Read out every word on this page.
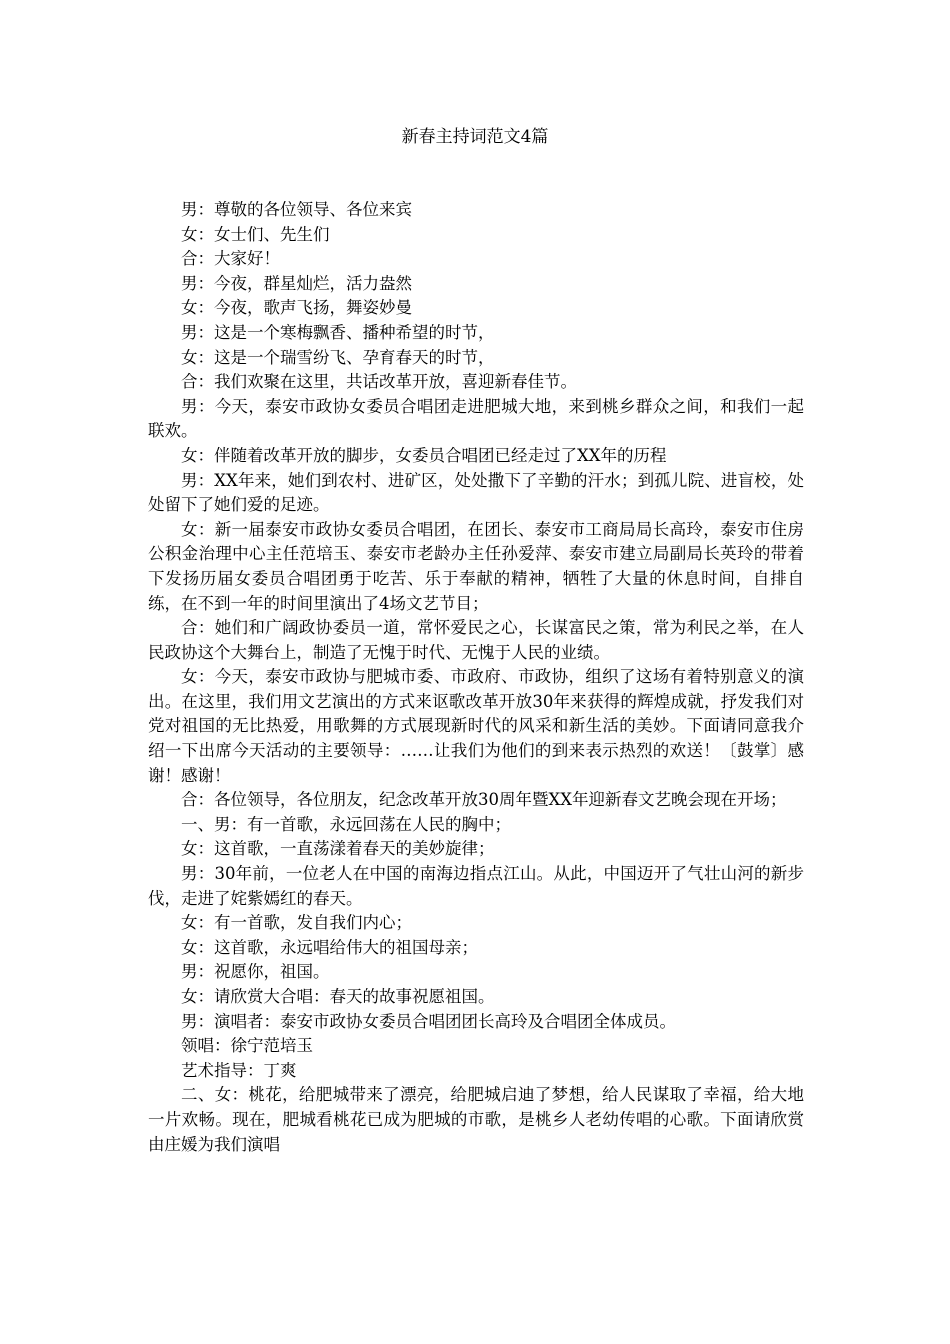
新春主持词范文4篇

男：尊敬的各位领导、各位来宾

女：女士们、先生们

合：大家好！

男：今夜，群星灿烂，活力盎然

女：今夜，歌声飞扬，舞姿妙曼

男：这是一个寒梅飘香、播种希望的时节，

女：这是一个瑞雪纷飞、孕育春天的时节，

合：我们欢聚在这里，共话改革开放，喜迎新春佳节。

男：今天，泰安市政协女委员合唱团走进肥城大地，来到桃乡群众之间，和我们一起联欢。

女：伴随着改革开放的脚步，女委员合唱团已经走过了XX年的历程

男：XX年来，她们到农村、进矿区，处处撒下了辛勤的汗水；到孤儿院、进盲校，处处留下了她们爱的足迹。

女：新一届泰安市政协女委员合唱团，在团长、泰安市工商局局长高玲，泰安市住房公积金治理中心主任范培玉、泰安市老龄办主任孙爱萍、泰安市建立局副局长英玲的带着下发扬历届女委员合唱团勇于吃苦、乐于奉献的精神，牺牲了大量的休息时间，自排自练，在不到一年的时间里演出了4场文艺节目；

合：她们和广阔政协委员一道，常怀爱民之心，长谋富民之策，常为利民之举，在人民政协这个大舞台上，制造了无愧于时代、无愧于人民的业绩。

女：今天，泰安市政协与肥城市委、市政府、市政协，组织了这场有着特别意义的演出。在这里，我们用文艺演出的方式来讴歌改革开放30年来获得的辉煌成就，抒发我们对党对祖国的无比热爱，用歌舞的方式展现新时代的风采和新生活的美妙。下面请同意我介绍一下出席今天活动的主要领导：……让我们为他们的到来表示热烈的欢送！〔鼓掌〕感谢！感谢！

合：各位领导，各位朋友，纪念改革开放30周年暨XX年迎新春文艺晚会现在开场；

一、男：有一首歌，永远回荡在人民的胸中；

女：这首歌，一直荡漾着春天的美妙旋律；

男：30年前，一位老人在中国的南海边指点江山。从此，中国迈开了气壮山河的新步伐，走进了姹紫嫣红的春天。

女：有一首歌，发自我们内心；

女：这首歌，永远唱给伟大的祖国母亲；

男：祝愿你，祖国。

女：请欣赏大合唱：春天的故事祝愿祖国。

男：演唱者：泰安市政协女委员合唱团团长高玲及合唱团全体成员。

领唱：徐宁范培玉

艺术指导：丁爽

二、女：桃花，给肥城带来了漂亮，给肥城启迪了梦想，给人民谋取了幸福，给大地一片欢畅。现在，肥城看桃花已成为肥城的市歌，是桃乡人老幼传唱的心歌。下面请欣赏由庄媛为我们演唱
